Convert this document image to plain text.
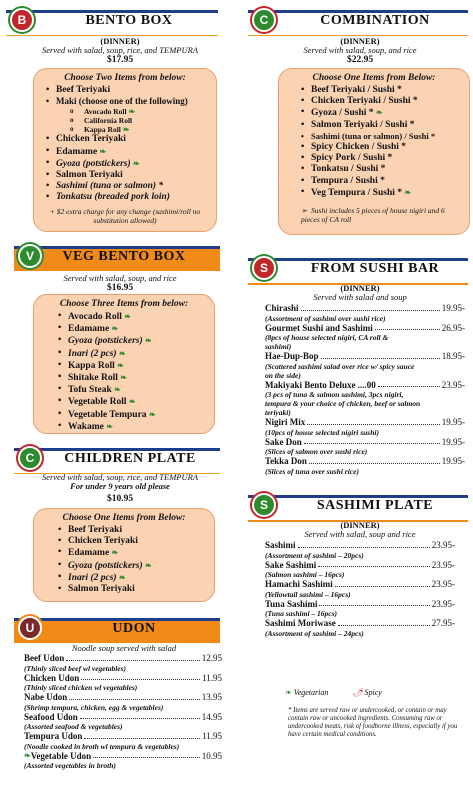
B	BENTO BOX
(DINNER)
Served with salad, soup, rice, and TEMPURA
$17.95
Choose Two Items from below:
• Beef Teriyaki
• Maki (choose one of the following)
o Avocado Roll ❧
o California Roll
o Kappa Roll ❧
• Chicken Teriyaki
• Edamame ❧
• Gyoza (potstickers) ❧
• Salmon Teriyaki
• Sashimi (tuna or salmon) *
• Tonkatsu (breaded pork loin)
+ $2 extra charge for any change (sashimi/roll no substitution allowed)
C	COMBINATION
(DINNER)
Served with salad, soup, and rice
$22.95
Choose One Items from Below:
• Beef Teriyaki / Sushi *
• Chicken Teriyaki / Sushi *
• Gyoza / Sushi * ❧
• Salmon Teriyaki / Sushi *
• Sashimi (tuna or salmon) / Sushi *
• Spicy Chicken / Sushi *
• Spicy Pork / Sushi *
• Tonkatsu / Sushi *
• Tempura / Sushi *
• Veg Tempura / Sushi * ❧
➢  Sushi includes 5 pieces of house nigiri and 6 pieces of CA roll
V	VEG BENTO BOX
Served with salad, soup, and rice
$16.95
Choose Three Items from below:
• Avocado Roll ❧
• Edamame ❧
• Gyoza (potstickers) ❧
• Inari (2 pcs) ❧
• Kappa Roll ❧
• Shitake Roll ❧
• Tofu Steak ❧
• Vegetable Roll ❧
• Vegetable Tempura ❧
• Wakame ❧
C	CHILDREN PLATE
Served with salad, soup, rice, and TEMPURA
For under 9 years old please
$10.95
Choose One Items from Below:
• Beef Teriyaki
• Chicken Teriyaki
• Edamame ❧
• Gyoza (potstickers) ❧
• Inari (2 pcs) ❧
• Salmon Teriyaki
U	UDON
Noodle soup served with salad
Beef Udon	12.95
(Thinly sliced beef wl vegetables)
Chicken Udon	11.95
(Thinly sliced chicken wl vegetables)
Nabe Udon	13.95
(Shrimp tempura, chicken, egg & vegetables)
Seafood Udon	14.95
(Assorted seafood & vegetables)
Tempura Udon	11.95
(Noodle cooked in broth wl tempura & vegetables)
❧ Vegetable Udon	10.95
(Assorted vegetables in broth)
S	FROM SUSHI BAR
(DINNER)
Served with salad and soup
Chirashi	19.95-
(Assortment of sashimi over sushi rice)
Gourmet Sushi and Sashimi	26.95-
(8pcs of house selected nigiri, CA roll & sashimi)
Hae-Dup-Bop	18.95-
(Scattered sashimi salad over rice w/ spicy sauce on the side)
Makiyaki Bento Deluxe ....00	23.95-
(3 pcs of tuna & salmon sashimi, 3pcs nigiri, tempura & your choice of chicken, beef or salmon teriyaki)
Nigiri Mix	19.95-
(10pcs of house selected nigiri sushi)
Sake Don	19.95-
(Slices of salmon over sushi rice)
Tekka Don	19.95-
(Slices of tuna over sushi rice)
S	SASHIMI PLATE
(DINNER)
Served with salad, soup and rice
Sashimi	23.95-
(Assortment of sashimi – 20pcs)
Sake Sashimi	23.95-
(Salmon sashimi – 16pcs)
Hamachi Sashimi	23.95-
(Yellowtail sashimi – 16pcs)
Tuna Sashimi	23.95-
(Tuna sashimi – 16pcs)
Sashimi Moriwase	27.95-
(Assortment of sashimi – 24pcs)
❧ Vegetarian	🌶 Spicy
* Items are served raw or undercooked, or contain or may contain raw or uncooked ingredients. Consuming raw or undercooked meats, risk of foodborne illness, especially if you have certain medical conditions.
